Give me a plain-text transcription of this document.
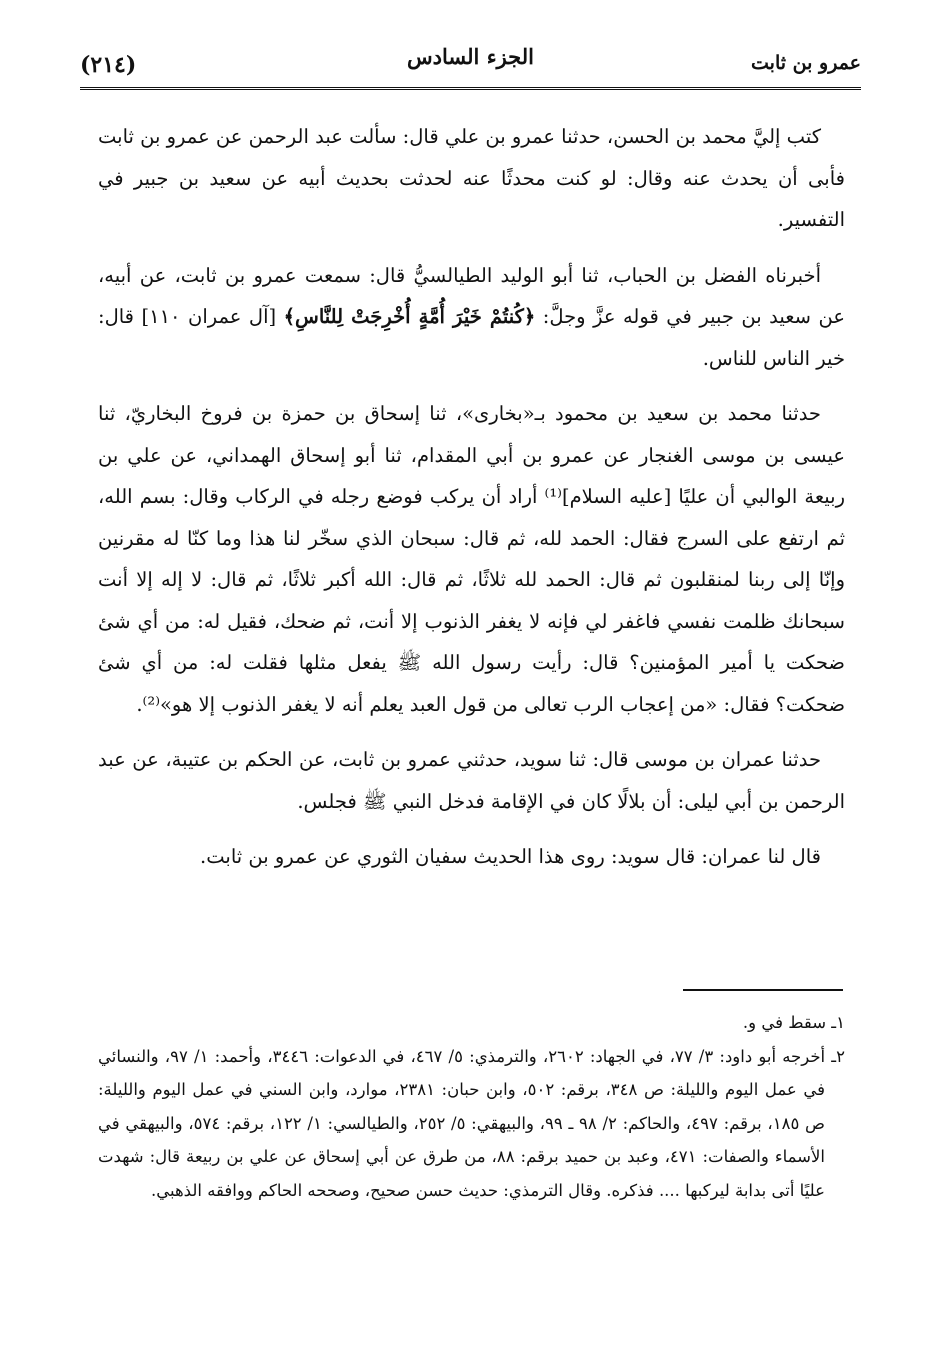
عمرو بن ثابت
الجزء السادس
(٢١٤)

كتب إليَّ محمد بن الحسن، حدثنا عمرو بن علي قال: سألت عبد الرحمن عن عمرو بن ثابت فأبى أن يحدث عنه وقال: لو كنت محدثًا عنه لحدثت بحديث أبيه عن سعيد بن جبير في التفسير.

أخبرناه الفضل بن الحباب، ثنا أبو الوليد الطيالسيُّ قال: سمعت عمرو بن ثابت، عن أبيه، عن سعيد بن جبير في قوله عزَّ وجلَّ: ﴿كُنتُمْ خَيْرَ أُمَّةٍ أُخْرِجَتْ لِلنَّاسِ﴾ [آل عمران ١١٠] قال: خير الناس للناس.

حدثنا محمد بن سعيد بن محمود بـ«بخارى»، ثنا إسحاق بن حمزة بن فروخ البخاريّ، ثنا عيسى بن موسى الغنجار عن عمرو بن أبي المقدام، ثنا أبو إسحاق الهمداني، عن علي بن ربيعة الوالبي أن عليًا [عليه السلام]⁽¹⁾ أراد أن يركب فوضع رجله في الركاب وقال: بسم الله، ثم ارتفع على السرج فقال: الحمد لله، ثم قال: سبحان الذي سخّر لنا هذا وما كنّا له مقرنين وإنّا إلى ربنا لمنقلبون ثم قال: الحمد لله ثلاثًا، ثم قال: الله أكبر ثلاثًا، ثم قال: لا إله إلا أنت سبحانك ظلمت نفسي فاغفر لي فإنه لا يغفر الذنوب إلا أنت، ثم ضحك، فقيل له: من أي شئ ضحكت يا أمير المؤمنين؟ قال: رأيت رسول الله ﷺ يفعل مثلها فقلت له: من أي شئ ضحكت؟ فقال: «من إعجاب الرب تعالى من قول العبد يعلم أنه لا يغفر الذنوب إلا هو»⁽²⁾.

حدثنا عمران بن موسى قال: ثنا سويد، حدثني عمرو بن ثابت، عن الحكم بن عتيبة، عن عبد الرحمن بن أبي ليلى: أن بلالًا كان في الإقامة فدخل النبي ﷺ فجلس.

قال لنا عمران: قال سويد: روى هذا الحديث سفيان الثوري عن عمرو بن ثابت.

١ـ سقط في و.

٢ـ أخرجه أبو داود: ٣/ ٧٧، في الجهاد: ٢٦٠٢، والترمذي: ٥/ ٤٦٧، في الدعوات: ٣٤٤٦، وأحمد: ١/ ٩٧، والنسائي في عمل اليوم والليلة: ص ٣٤٨، برقم: ٥٠٢، وابن حبان: ٢٣٨١، موارد، وابن السني في عمل اليوم والليلة: ص ١٨٥، برقم: ٤٩٧، والحاكم: ٢/ ٩٨ ـ ٩٩، والبيهقي: ٥/ ٢٥٢، والطيالسي: ١/ ١٢٢، برقم: ٥٧٤، والبيهقي في الأسماء والصفات: ٤٧١، وعبد بن حميد برقم: ٨٨، من طرق عن أبي إسحاق عن علي بن ربيعة قال: شهدت عليًا أتى بدابة ليركبها .... فذكره. وقال الترمذي: حديث حسن صحيح، وصححه الحاكم ووافقه الذهبي.
